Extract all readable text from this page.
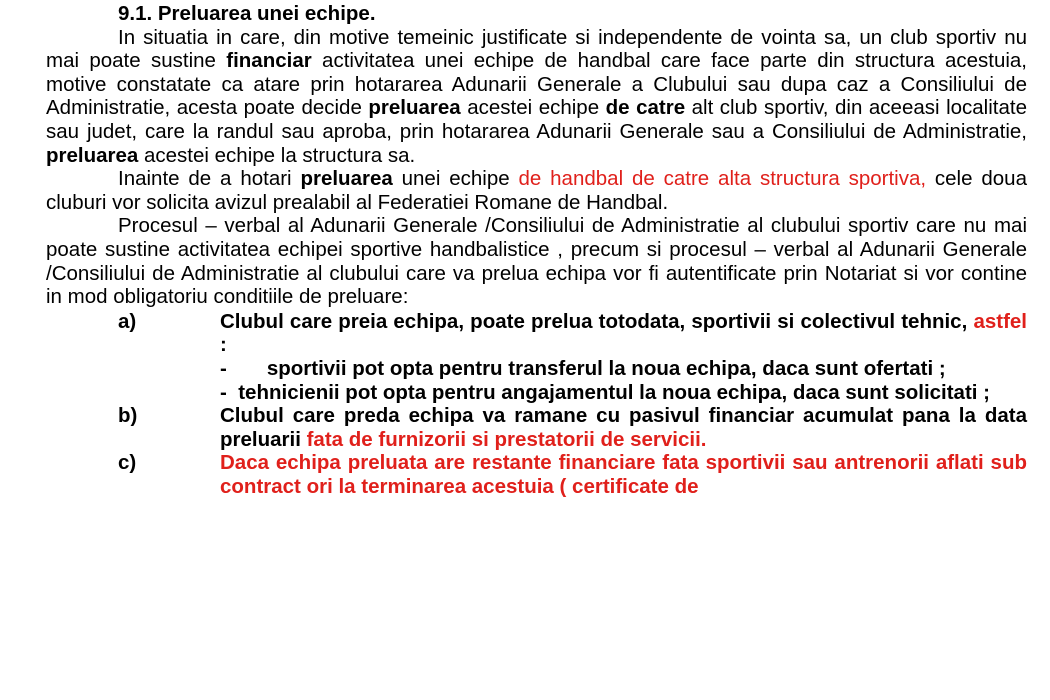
9.1. Preluarea unei echipe.

In situatia in care, din motive temeinic justificate si independente de vointa sa, un club sportiv nu mai poate sustine financiar activitatea unei echipe de handbal care face parte din structura acestuia, motive constatate ca atare prin hotararea Adunarii Generale a Clubului sau dupa caz a Consiliului de Administratie, acesta poate decide preluarea acestei echipe de catre alt club sportiv, din aceeasi localitate sau judet, care la randul sau aproba, prin hotararea Adunarii Generale sau a Consiliului de Administratie, preluarea acestei echipe la structura sa.

Inainte de a hotari preluarea unei echipe de handbal de catre alta structura sportiva, cele doua cluburi vor solicita avizul prealabil al Federatiei Romane de Handbal.

Procesul – verbal al Adunarii Generale /Consiliului de Administratie al clubului sportiv care nu mai poate sustine activitatea echipei sportive handbalistice , precum si procesul – verbal al Adunarii Generale /Consiliului de Administratie al clubului care va prelua echipa vor fi autentificate prin Notariat si vor contine in mod obligatoriu conditiile de preluare:

a)	Clubul care preia echipa, poate prelua totodata, sportivii si colectivul tehnic, astfel :
- sportivii pot opta pentru transferul la noua echipa, daca sunt ofertati ;
- tehnicienii pot opta pentru angajamentul la noua echipa, daca sunt solicitati ;
b)	Clubul care preda echipa va ramane cu pasivul financiar acumulat pana la data preluarii fata de furnizorii si prestatorii de servicii.
c)	Daca echipa preluata are restante financiare fata sportivii sau antrenorii aflati sub contract ori la terminarea acestuia ( certificate de
